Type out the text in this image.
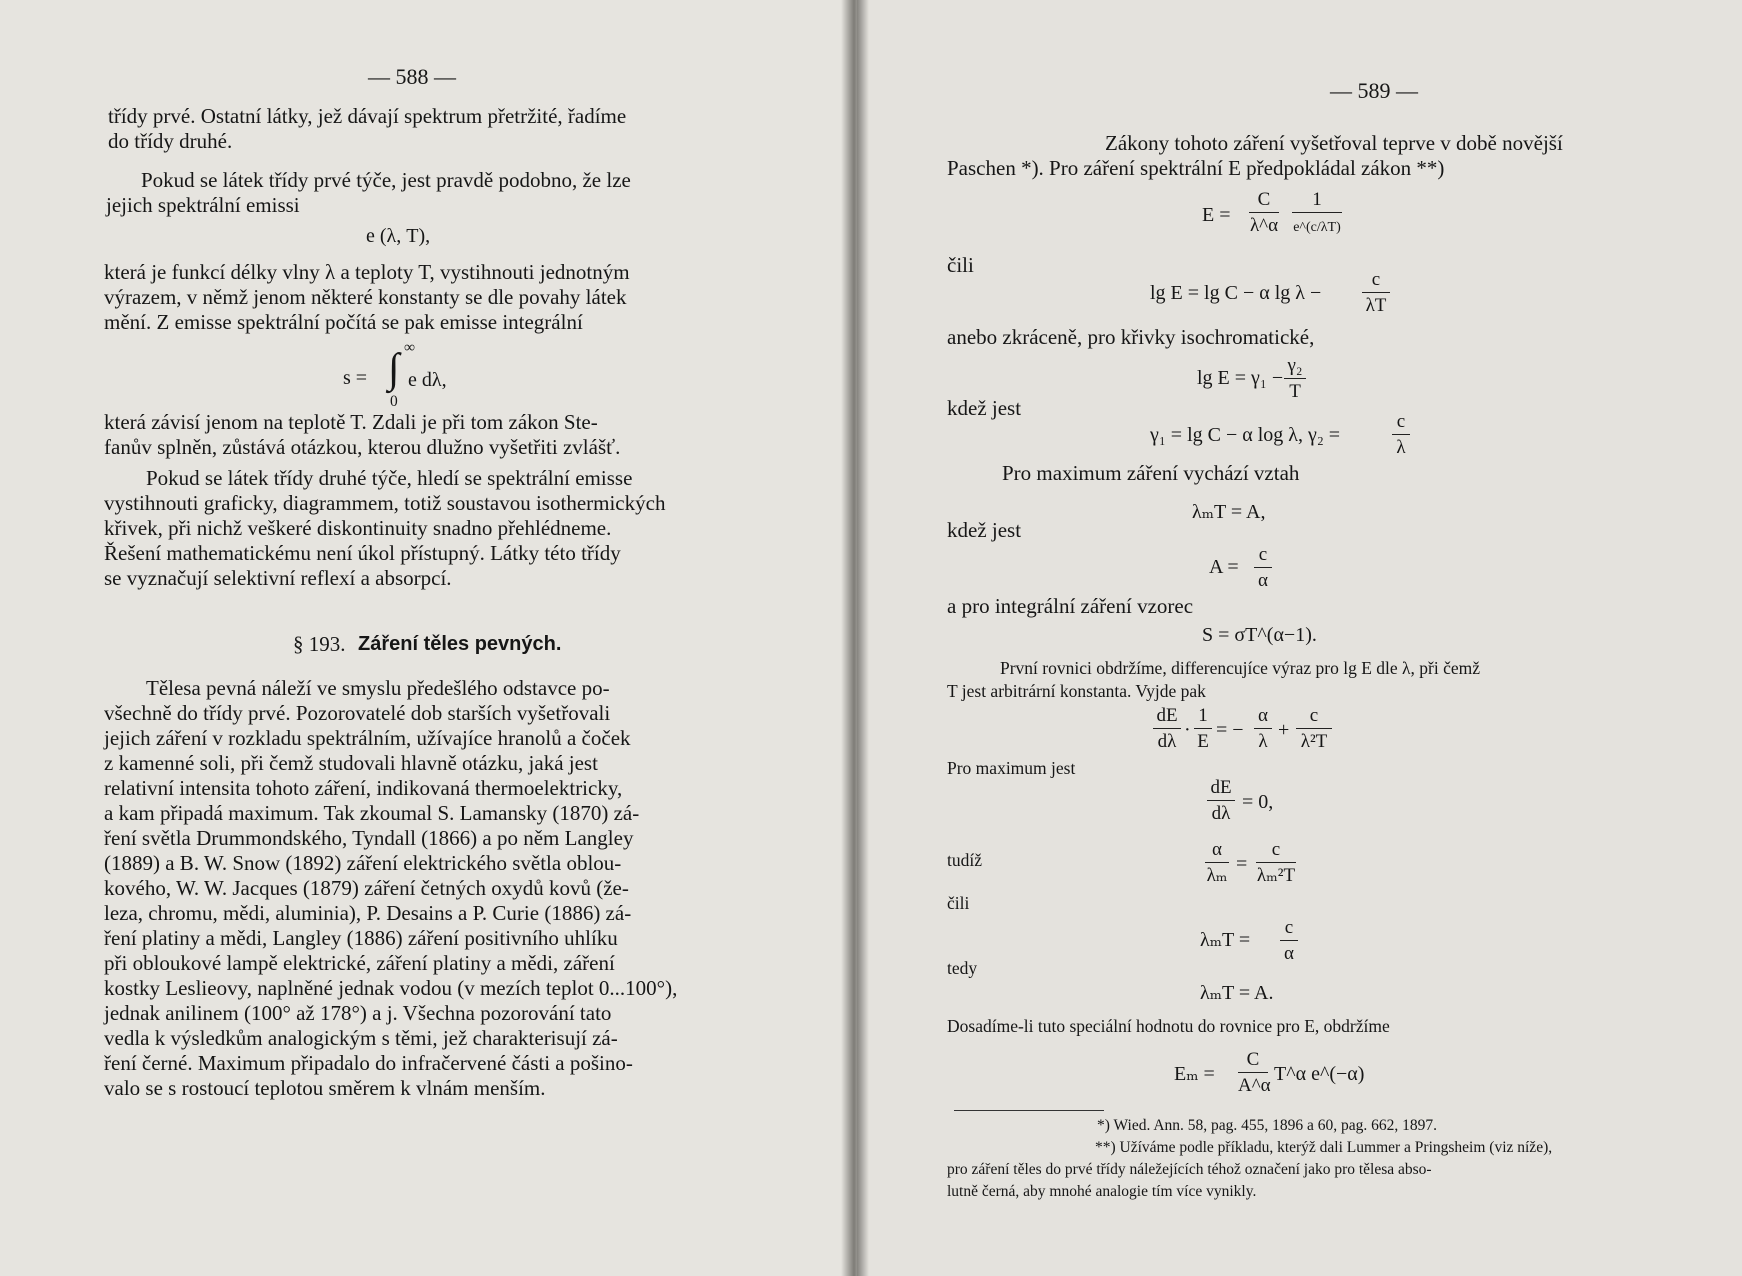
— 588 —
třídy prvé. Ostatní látky, jež dávají spektrum přetržité, řadíme
do třídy druhé.
Pokud se látek třídy prvé týče, jest pravdě podobno, že lze
jejich spektrální emissi
e (λ, T),
která je funkcí délky vlny λ a teploty T, vystihnouti jednotným
výrazem, v němž jenom některé konstanty se dle povahy látek
mění. Z emisse spektrální počítá se pak emisse integrální
s = ∫ ∞
0
e dλ,
která závisí jenom na teplotě T. Zdali je při tom zákon Ste-
fanův splněn, zůstává otázkou, kterou dlužno vyšetřiti zvlášť.
Pokud se látek třídy druhé týče, hledí se spektrální emisse
vystihnouti graficky, diagrammem, totiž soustavou isothermických
křivek, při nichž veškeré diskontinuity snadno přehlédneme.
Řešení mathematickému není úkol přístupný. Látky této třídy
se vyznačují selektivní reflexí a absorpcí.
§ 193. Záření těles pevných.
Tělesa pevná náleží ve smyslu předešlého odstavce po-
všechně do třídy prvé. Pozorovatelé dob starších vyšetřovali
jejich záření v rozkladu spektrálním, užívajíce hranolů a čoček
z kamenné soli, při čemž studovali hlavně otázku, jaká jest
relativní intensita tohoto záření, indikovaná thermoelektricky,
a kam připadá maximum. Tak zkoumal S. Lamansky (1870) zá-
ření světla Drummondského, Tyndall (1866) a po něm Langley
(1889) a B. W. Snow (1892) záření elektrického světla oblou-
kového, W. W. Jacques (1879) záření četných oxydů kovů (že-
leza, chromu, mědi, aluminia), P. Desains a P. Curie (1886) zá-
ření platiny a mědi, Langley (1886) záření positivního uhlíku
při obloukové lampě elektrické, záření platiny a mědi, záření
kostky Leslieovy, naplněné jednak vodou (v mezích teplot 0...100°),
jednak anilinem (100° až 178°) a j. Všechna pozorování tato
vedla k výsledkům analogickým s těmi, jež charakterisují zá-
ření černé. Maximum připadalo do infračervené části a pošino-
valo se s rostoucí teplotou směrem k vlnám menším.
— 589 —
Zákony tohoto záření vyšetřoval teprve v době novější
Paschen *). Pro záření spektrální E předpokládal zákon **)
E =
C
λ^α
1
e^(c/λT)
čili
lg E = lg C − α lg λ −
c
λT
anebo zkráceně, pro křivky isochromatické,
lg E = γ₁ −
γ₂
T
kdež jest
γ₁ = lg C − α log λ, γ₂ =
c
λ
Pro maximum záření vychází vztah
λₘT = A,
kdež jest
A =
c
α
a pro integrální záření vzorec
S = σT^(α−1).
První rovnici obdržíme, differencujíce výraz pro lg E dle λ, při čemž
T jest arbitrární konstanta. Vyjde pak
dE
dλ
·
1
E
= −
α
λ
+
c
λ²T
Pro maximum jest
dE
dλ
= 0,
tudíž	α
λₘ
=
c
λₘ²T
čili
λₘT =
c
α
tedy
λₘT = A.
Dosadíme-li tuto speciální hodnotu do rovnice pro E, obdržíme
Eₘ =
C
A^α
T^α e^(−α)
*) Wied. Ann. 58, pag. 455, 1896 a 60, pag. 662, 1897.
**) Užíváme podle příkladu, kterýž dali Lummer a Pringsheim (viz níže),
pro záření těles do prvé třídy náležejících téhož označení jako pro tělesa abso-
lutně černá, aby mnohé analogie tím více vynikly.
